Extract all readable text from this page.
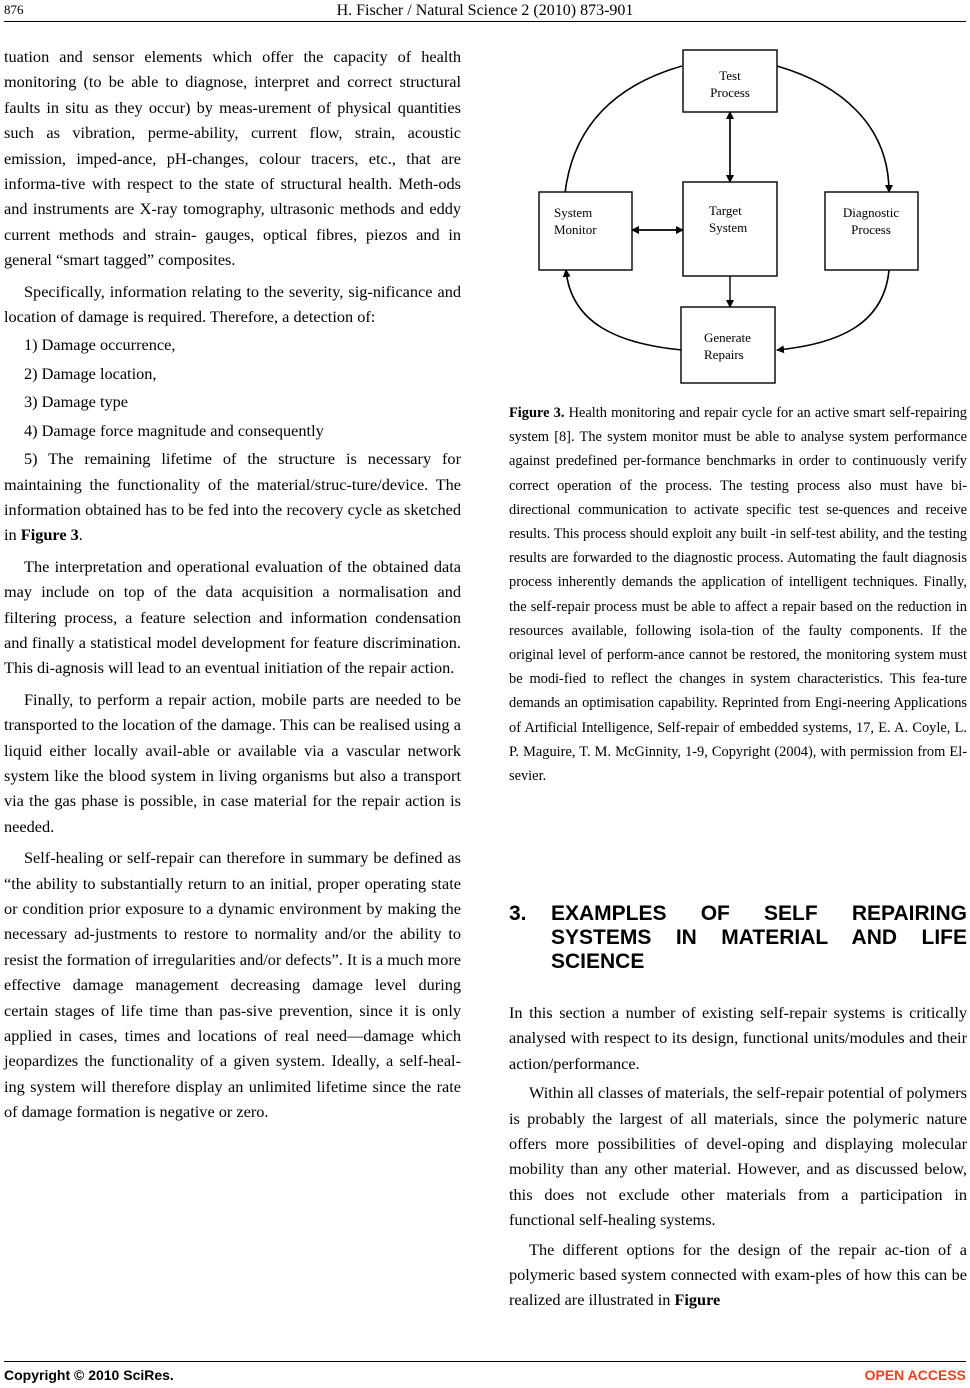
876	H. Fischer / Natural Science 2 (2010) 873-901

tuation and sensor elements which offer the capacity of health monitoring (to be able to diagnose, interpret and correct structural faults in situ as they occur) by meas-urement of physical quantities such as vibration, perme-ability, current flow, strain, acoustic emission, imped-ance, pH-changes, colour tracers, etc., that are informa-tive with respect to the state of structural health. Meth-ods and instruments are X-ray tomography, ultrasonic methods and eddy current methods and strain- gauges, optical fibres, piezos and in general “smart tagged” composites.

Specifically, information relating to the severity, sig-nificance and location of damage is required. Therefore, a detection of:

1) Damage occurrence,

2) Damage location,

3) Damage type

4) Damage force magnitude and consequently

5) The remaining lifetime of the structure is necessary for maintaining the functionality of the material/struc-ture/device. The information obtained has to be fed into the recovery cycle as sketched in Figure 3.

The interpretation and operational evaluation of the obtained data may include on top of the data acquisition a normalisation and filtering process, a feature selection and information condensation and finally a statistical model development for feature discrimination. This di-agnosis will lead to an eventual initiation of the repair action.

Finally, to perform a repair action, mobile parts are needed to be transported to the location of the damage. This can be realised using a liquid either locally avail-able or available via a vascular network system like the blood system in living organisms but also a transport via the gas phase is possible, in case material for the repair action is needed.

Self-healing or self-repair can therefore in summary be defined as “the ability to substantially return to an initial, proper operating state or condition prior exposure to a dynamic environment by making the necessary ad-justments to restore to normality and/or the ability to resist the formation of irregularities and/or defects”. It is a much more effective damage management decreasing damage level during certain stages of life time than pas-sive prevention, since it is only applied in cases, times and locations of real need―damage which jeopardizes the functionality of a given system. Ideally, a self-heal-ing system will therefore display an unlimited lifetime since the rate of damage formation is negative or zero.

Test
Process
System
Monitor
Target
System
Diagnostic
Process
Generate
Repairs
Figure 3. Health monitoring and repair cycle for an active smart self-repairing system [8]. The system monitor must be able to analyse system performance against predefined per-formance benchmarks in order to continuously verify correct operation of the process. The testing process also must have bi-directional communication to activate specific test se-quences and receive results. This process should exploit any built -in self-test ability, and the testing results are forwarded to the diagnostic process. Automating the fault diagnosis process inherently demands the application of intelligent techniques. Finally, the self-repair process must be able to affect a repair based on the reduction in resources available, following isola-tion of the faulty components. If the original level of perform-ance cannot be restored, the monitoring system must be modi-fied to reflect the changes in system characteristics. This fea-ture demands an optimisation capability. Reprinted from Engi-neering Applications of Artificial Intelligence, Self-repair of embedded systems, 17, E. A. Coyle, L. P. Maguire, T. M. McGinnity, 1-9, Copyright (2004), with permission from El-sevier.
3. EXAMPLES OF SELF REPAIRING SYSTEMS IN MATERIAL AND LIFE SCIENCE

In this section a number of existing self-repair systems is critically analysed with respect to its design, functional units/modules and their action/performance.

Within all classes of materials, the self-repair potential of polymers is probably the largest of all materials, since the polymeric nature offers more possibilities of devel-oping and displaying molecular mobility than any other material. However, and as discussed below, this does not exclude other materials from a participation in functional self-healing systems.

The different options for the design of the repair ac-tion of a polymeric based system connected with exam-ples of how this can be realized are illustrated in Figure

Copyright © 2010 SciRes.	OPEN ACCESS
